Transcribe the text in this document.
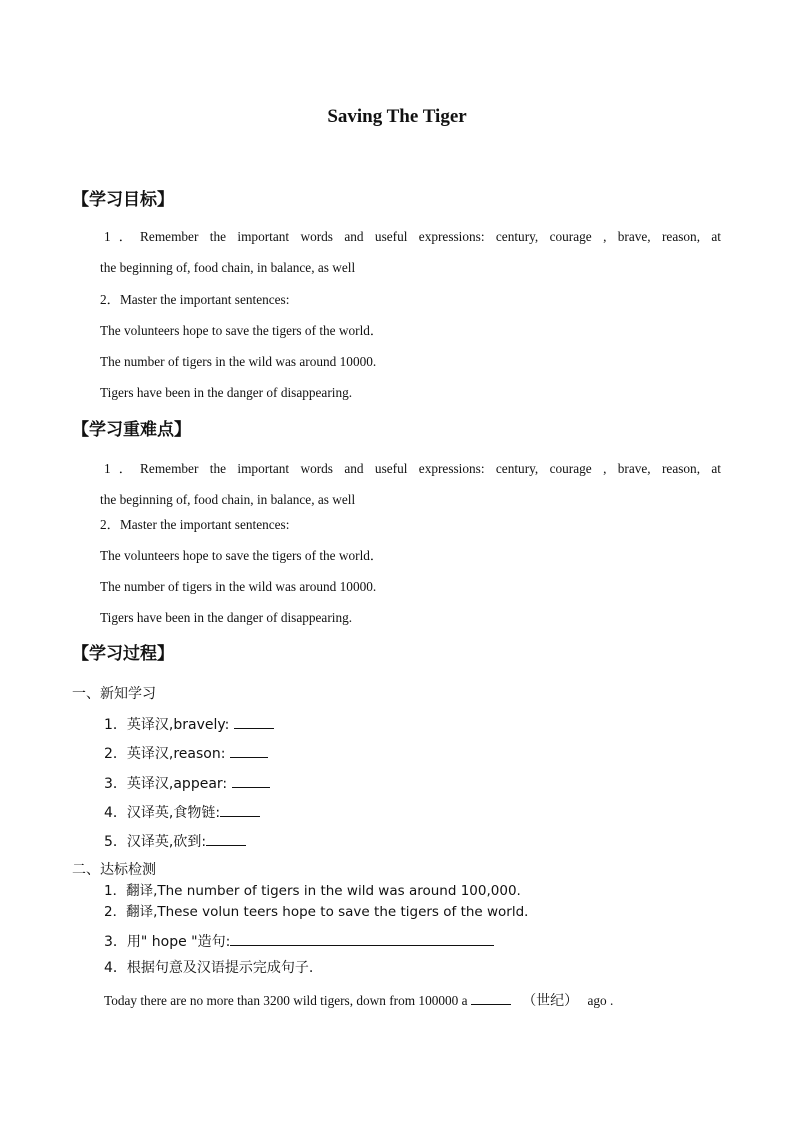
Saving The Tiger
【学习目标】
1．Remember the important words and useful expressions: century, courage , brave, reason, at
the beginning of, food chain, in balance, as well
2．Master the important sentences:
The volunteers hope to save the tigers of the world．
The number of tigers in the wild was around 10000.
Tigers have been in the danger of disappearing.
【学习重难点】
1．Remember the important words and useful expressions: century, courage , brave, reason, at
the beginning of, food chain, in balance, as well
2．Master the important sentences:
The volunteers hope to save the tigers of the world．
The number of tigers in the wild was around 10000.
Tigers have been in the danger of disappearing.
【学习过程】
一、新知学习
1．英译汉,bravely:
2．英译汉,reason:
3．英译汉,appear:
4．汉译英,食物链:
5．汉译英,砍到:
二、达标检测
1．翻译,The number of tigers in the wild was around 100,000.
2．翻译,These volun teers hope to save the tigers of the world．
3．用" hope "造句:
4．根据句意及汉语提示完成句子.
Today there are no more than 3200 wild tigers, down from 100000 a	（世纪） ago .
